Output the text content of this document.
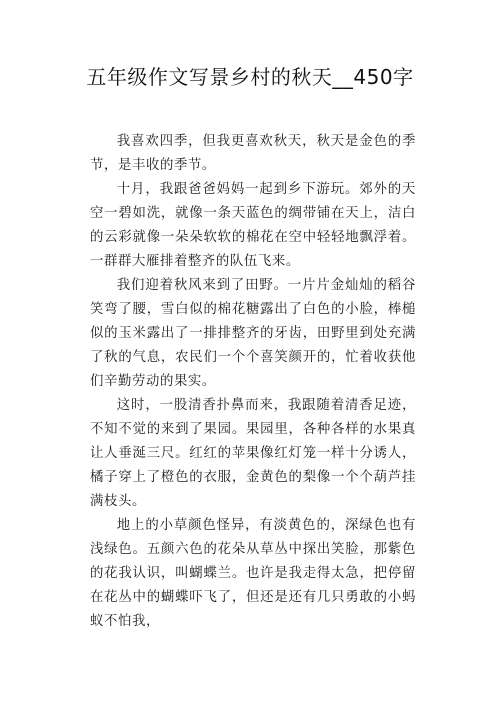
五年级作文写景乡村的秋天__450字

我喜欢四季，但我更喜欢秋天，秋天是金色的季节，是丰收的季节。

十月，我跟爸爸妈妈一起到乡下游玩。郊外的天空一碧如洗，就像一条天蓝色的绸带铺在天上，洁白的云彩就像一朵朵软软的棉花在空中轻轻地飘浮着。一群群大雁排着整齐的队伍飞来。

我们迎着秋风来到了田野。一片片金灿灿的稻谷笑弯了腰，雪白似的棉花糖露出了白色的小脸，棒槌似的玉米露出了一排排整齐的牙齿，田野里到处充满了秋的气息，农民们一个个喜笑颜开的，忙着收获他们辛勤劳动的果实。

这时，一股清香扑鼻而来，我跟随着清香足迹，不知不觉的来到了果园。果园里，各种各样的水果真让人垂涎三尺。红红的苹果像红灯笼一样十分诱人，橘子穿上了橙色的衣服，金黄色的梨像一个个葫芦挂满枝头。

地上的小草颜色怪异，有淡黄色的，深绿色也有浅绿色。五颜六色的花朵从草丛中探出笑脸，那紫色的花我认识，叫蝴蝶兰。也许是我走得太急，把停留在花丛中的蝴蝶吓飞了，但还是还有几只勇敢的小蚂蚁不怕我，
